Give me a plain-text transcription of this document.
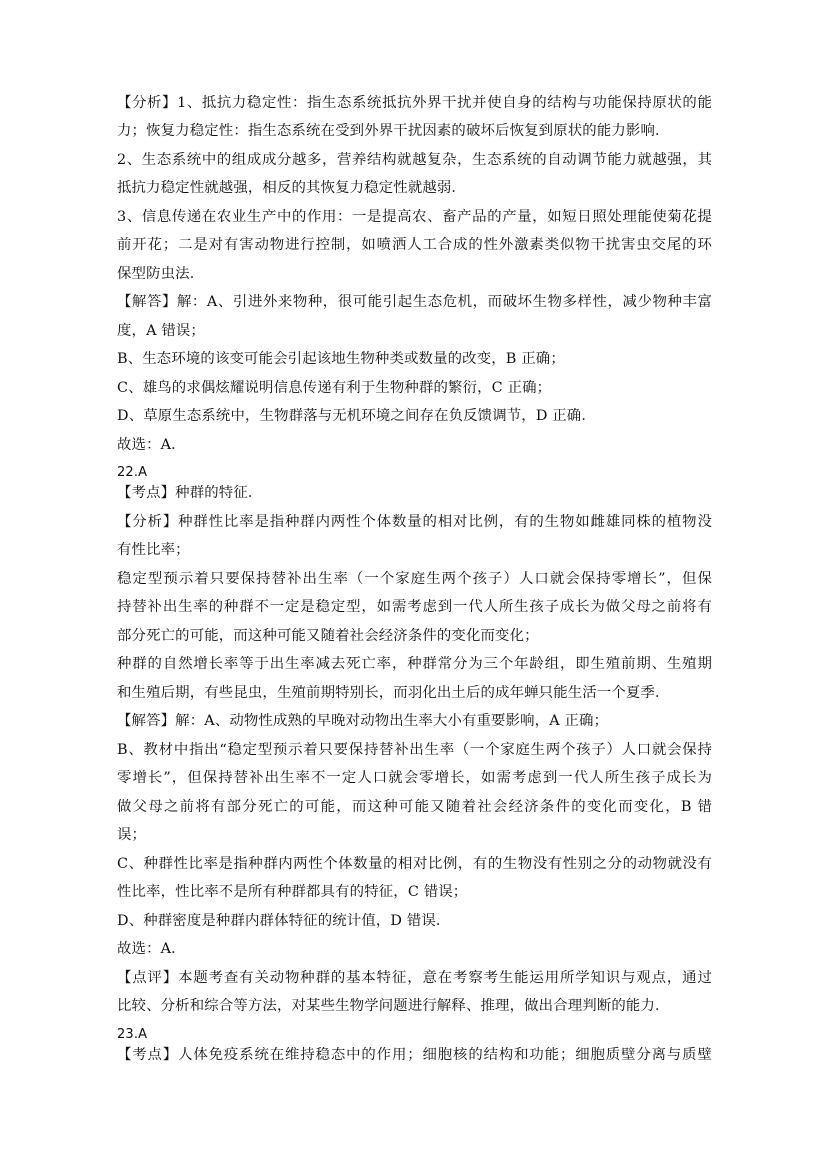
【分析】1、抵抗力稳定性：指生态系统抵抗外界干扰并使自身的结构与功能保持原状的能
力；恢复力稳定性：指生态系统在受到外界干扰因素的破坏后恢复到原状的能力影响．
2、生态系统中的组成成分越多，营养结构就越复杂，生态系统的自动调节能力就越强，其
抵抗力稳定性就越强，相反的其恢复力稳定性就越弱．
3、信息传递在农业生产中的作用：一是提高农、畜产品的产量，如短日照处理能使菊花提
前开花；二是对有害动物进行控制，如喷洒人工合成的性外激素类似物干扰害虫交尾的环
保型防虫法．
【解答】解：A、引进外来物种，很可能引起生态危机，而破坏生物多样性，减少物种丰富
度，A 错误；
B、生态环境的该变可能会引起该地生物种类或数量的改变，B 正确；
C、雄鸟的求偶炫耀说明信息传递有利于生物种群的繁衍，C 正确；
D、草原生态系统中，生物群落与无机环境之间存在负反馈调节，D 正确．
故选：A．
22.A
【考点】种群的特征．
【分析】种群性比率是指种群内两性个体数量的相对比例，有的生物如雌雄同株的植物没
有性比率；
稳定型预示着只要保持替补出生率（一个家庭生两个孩子）人口就会保持零增长”，但保
持替补出生率的种群不一定是稳定型，如需考虑到一代人所生孩子成长为做父母之前将有
部分死亡的可能，而这种可能又随着社会经济条件的变化而变化；
种群的自然增长率等于出生率减去死亡率，种群常分为三个年龄组，即生殖前期、生殖期
和生殖后期，有些昆虫，生殖前期特别长，而羽化出土后的成年蝉只能生活一个夏季．
【解答】解：A、动物性成熟的早晚对动物出生率大小有重要影响，A 正确；
B、教材中指出“稳定型预示着只要保持替补出生率（一个家庭生两个孩子）人口就会保持
零增长”，但保持替补出生率不一定人口就会零增长，如需考虑到一代人所生孩子成长为
做父母之前将有部分死亡的可能，而这种可能又随着社会经济条件的变化而变化，B 错
误；
C、种群性比率是指种群内两性个体数量的相对比例，有的生物没有性别之分的动物就没有
性比率，性比率不是所有种群都具有的特征，C 错误；
D、种群密度是种群内群体特征的统计值，D 错误．
故选：A．
【点评】本题考查有关动物种群的基本特征，意在考察考生能运用所学知识与观点，通过
比较、分析和综合等方法，对某些生物学问题进行解释、推理，做出合理判断的能力．
23.A
【考点】人体免疫系统在维持稳态中的作用；细胞核的结构和功能；细胞质壁分离与质壁
